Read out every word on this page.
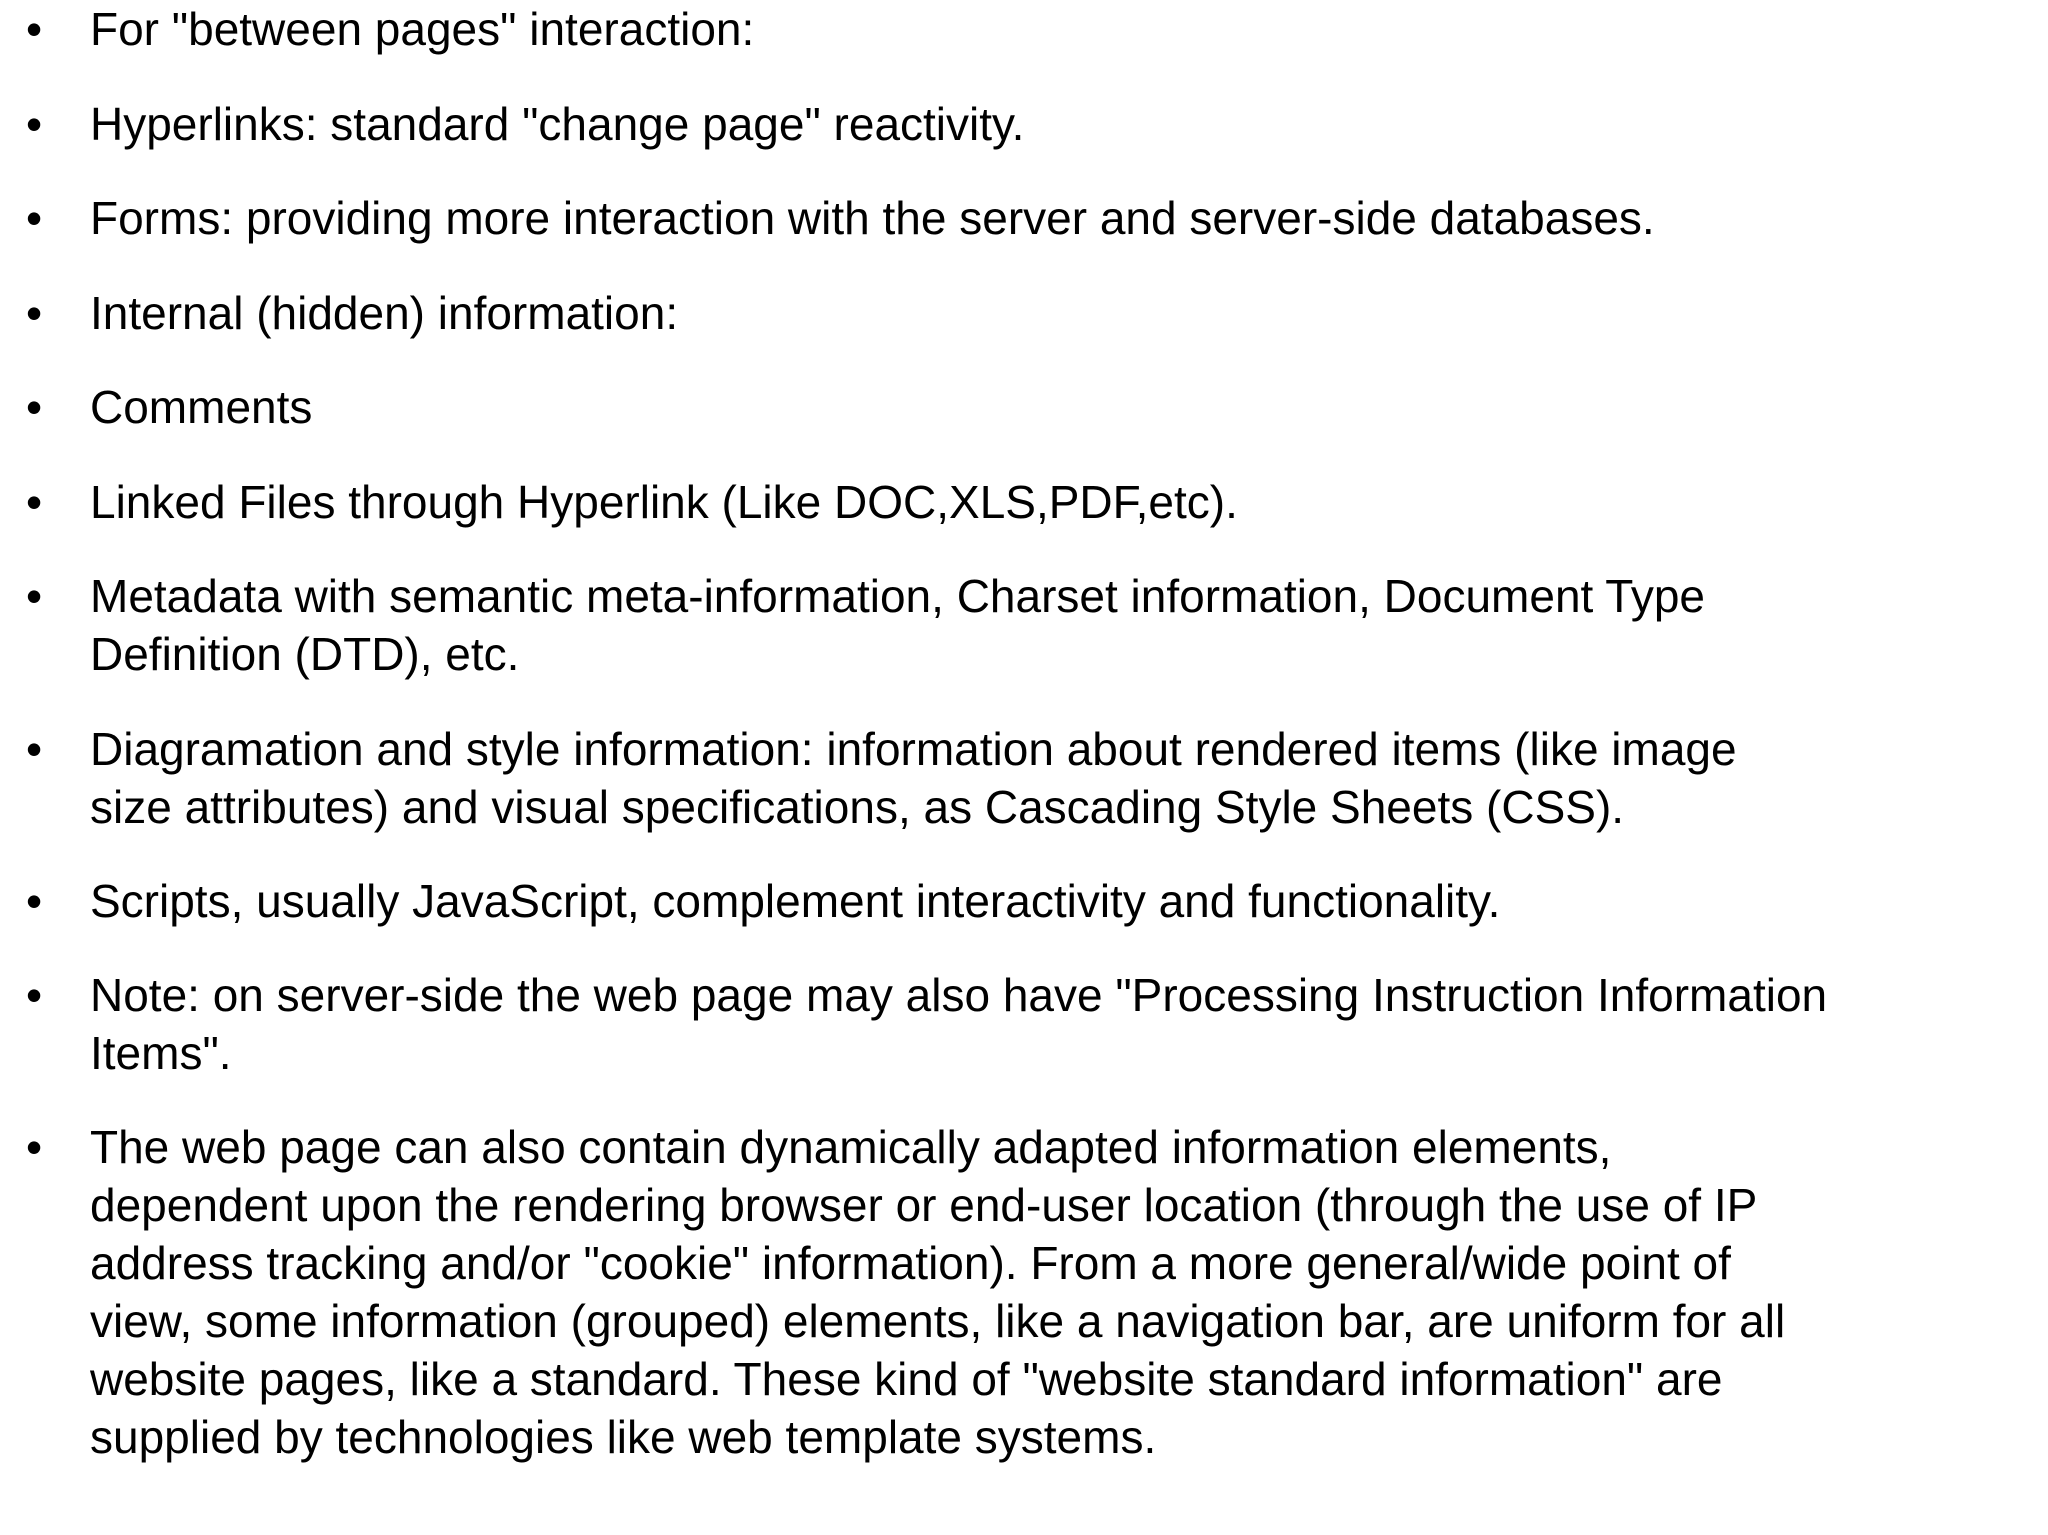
• For "between pages" interaction:
• Hyperlinks: standard "change page" reactivity.
• Forms: providing more interaction with the server and server-side databases.
• Internal (hidden) information:
• Comments
• Linked Files through Hyperlink (Like DOC,XLS,PDF,etc).
• Metadata with semantic meta-information, Charset information, Document Type
Definition (DTD), etc.
• Diagramation and style information: information about rendered items (like image
size attributes) and visual specifications, as Cascading Style Sheets (CSS).
• Scripts, usually JavaScript, complement interactivity and functionality.
• Note: on server-side the web page may also have "Processing Instruction Information
Items".
• The web page can also contain dynamically adapted information elements,
dependent upon the rendering browser or end-user location (through the use of IP
address tracking and/or "cookie" information). From a more general/wide point of
view, some information (grouped) elements, like a navigation bar, are uniform for all
website pages, like a standard. These kind of "website standard information" are
supplied by technologies like web template systems.
